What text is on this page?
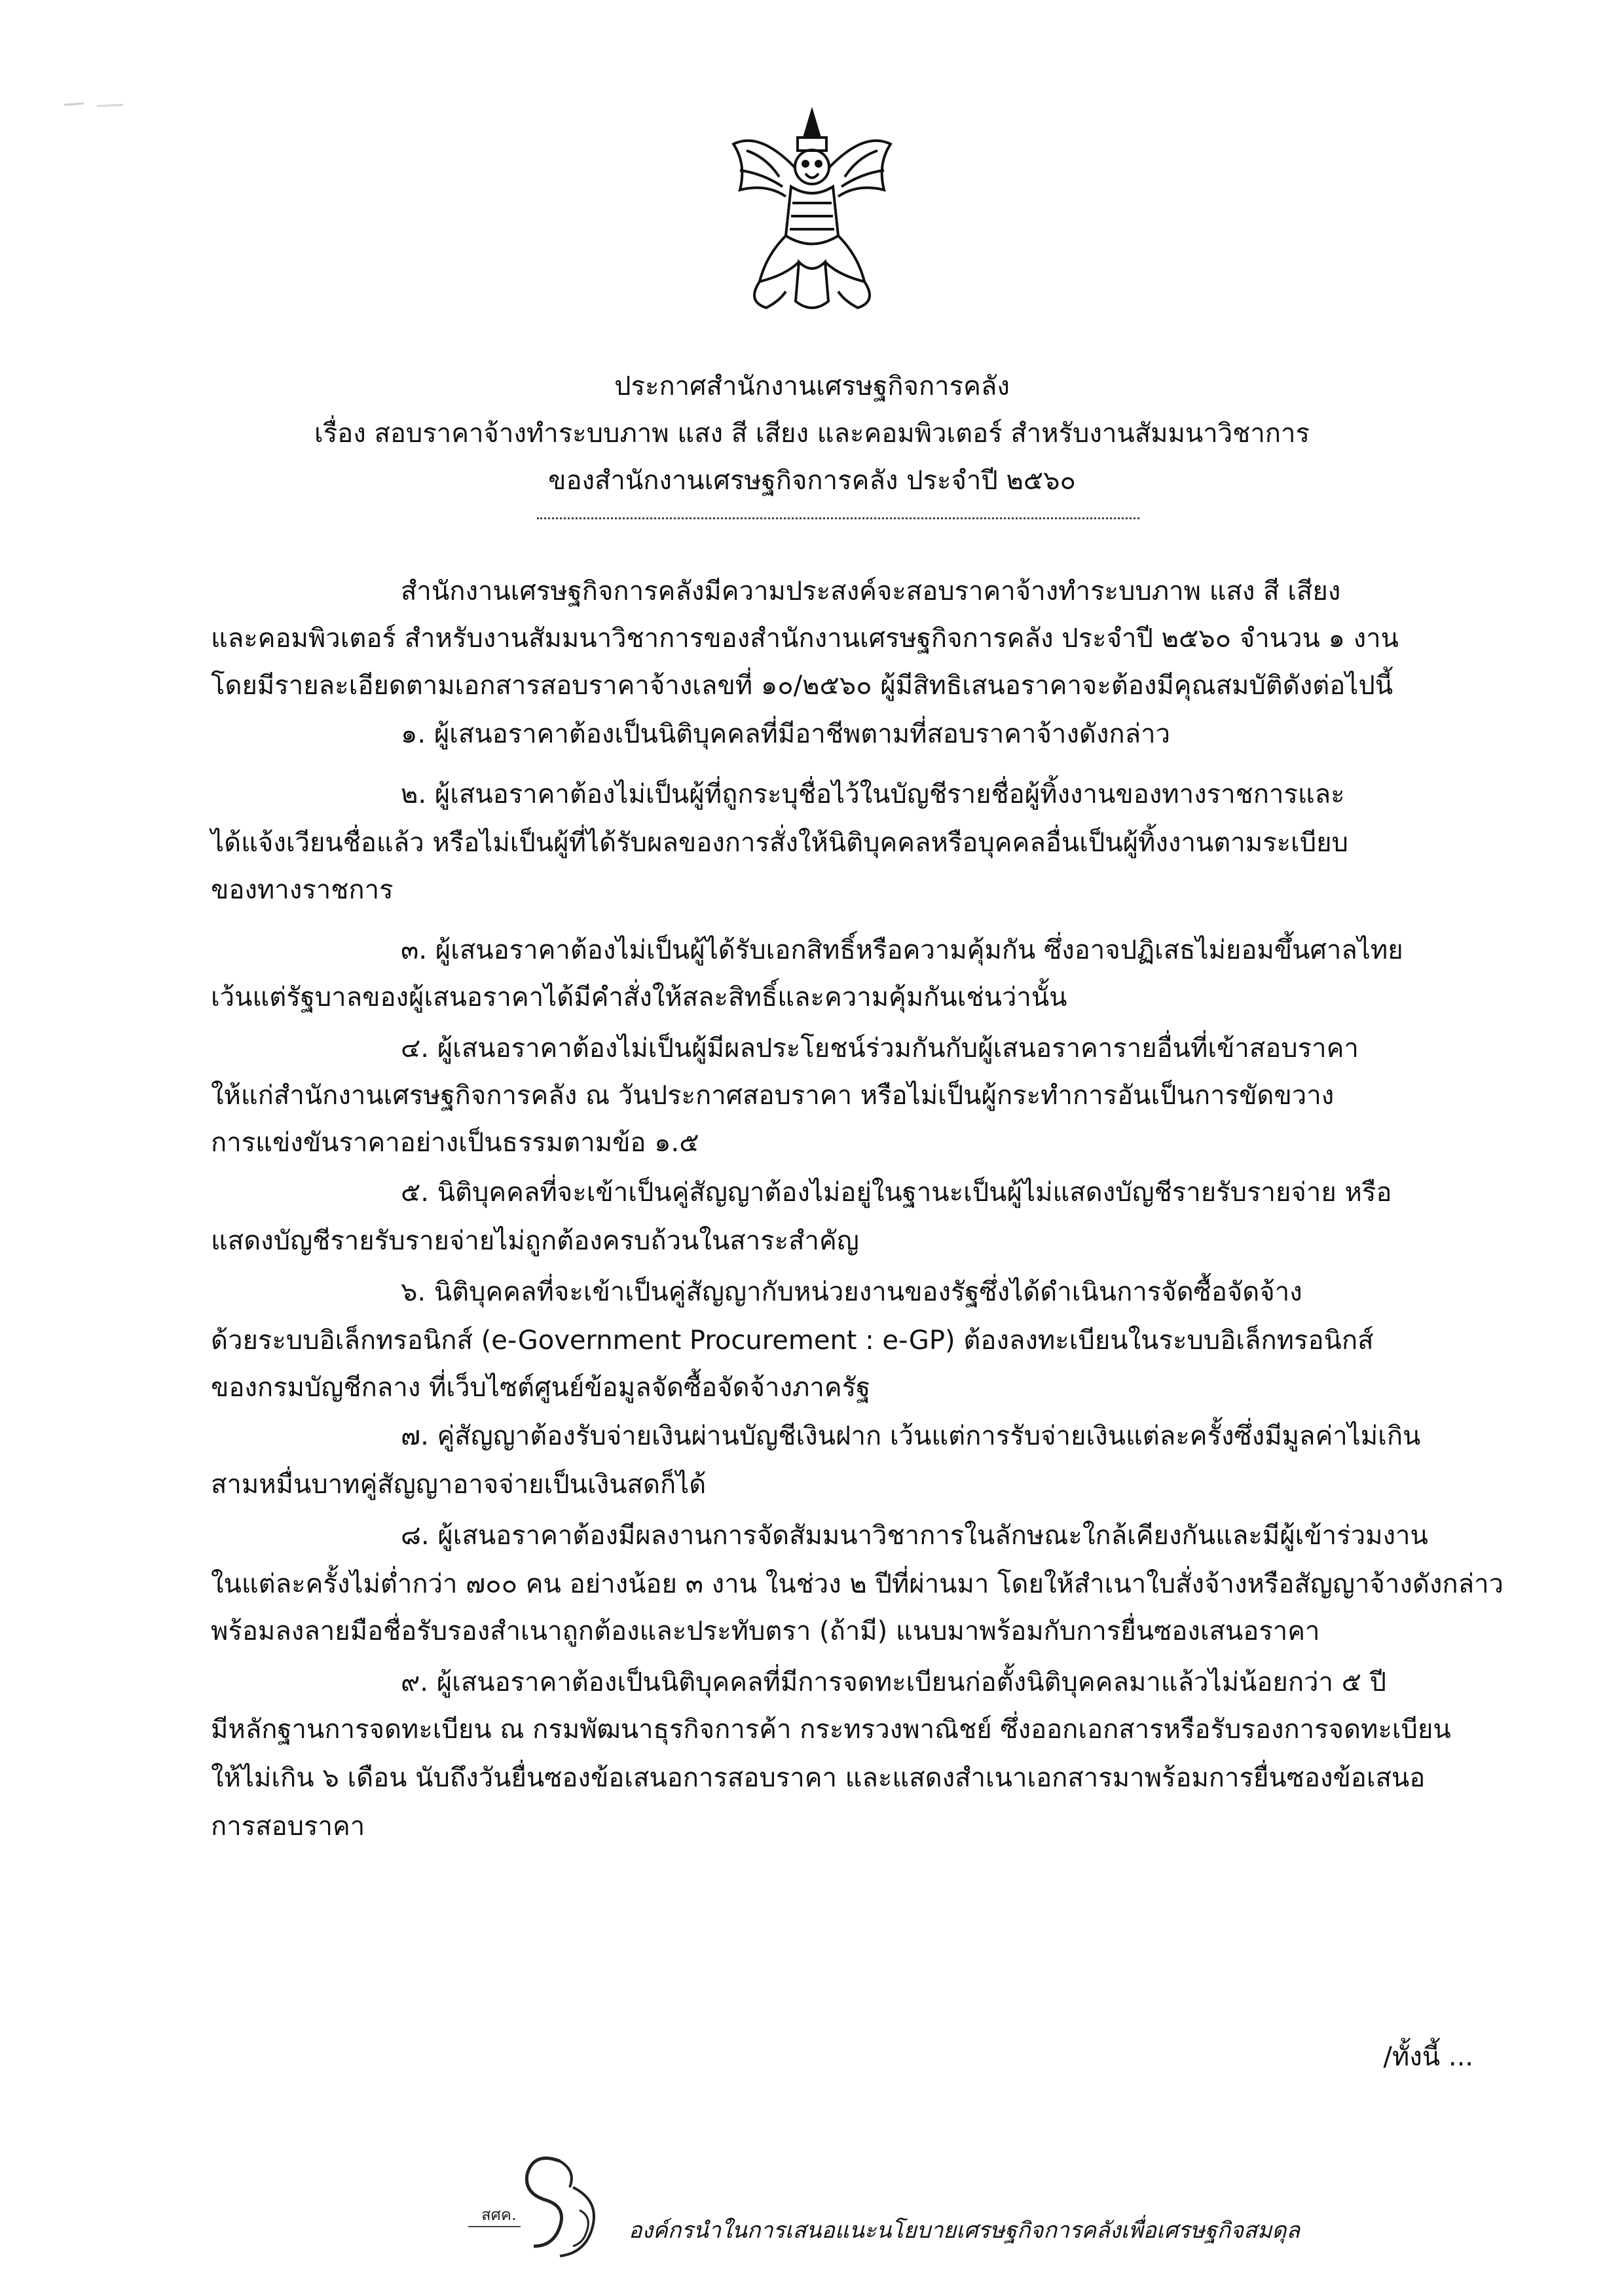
ประกาศสำนักงานเศรษฐกิจการคลัง
เรื่อง สอบราคาจ้างทำระบบภาพ แสง สี เสียง และคอมพิวเตอร์ สำหรับงานสัมมนาวิชาการ
ของสำนักงานเศรษฐกิจการคลัง ประจำปี ๒๕๖๐
สำนักงานเศรษฐกิจการคลังมีความประสงค์จะสอบราคาจ้างทำระบบภาพ แสง สี เสียง
และคอมพิวเตอร์ สำหรับงานสัมมนาวิชาการของสำนักงานเศรษฐกิจการคลัง ประจำปี ๒๕๖๐ จำนวน ๑ งาน
โดยมีรายละเอียดตามเอกสารสอบราคาจ้างเลขที่ ๑๐/๒๕๖๐ ผู้มีสิทธิเสนอราคาจะต้องมีคุณสมบัติดังต่อไปนี้
๑. ผู้เสนอราคาต้องเป็นนิติบุคคลที่มีอาชีพตามที่สอบราคาจ้างดังกล่าว
๒. ผู้เสนอราคาต้องไม่เป็นผู้ที่ถูกระบุชื่อไว้ในบัญชีรายชื่อผู้ทิ้งงานของทางราชการและ
ได้แจ้งเวียนชื่อแล้ว หรือไม่เป็นผู้ที่ได้รับผลของการสั่งให้นิติบุคคลหรือบุคคลอื่นเป็นผู้ทิ้งงานตามระเบียบ
ของทางราชการ
๓. ผู้เสนอราคาต้องไม่เป็นผู้ได้รับเอกสิทธิ์หรือความคุ้มกัน ซึ่งอาจปฏิเสธไม่ยอมขึ้นศาลไทย
เว้นแต่รัฐบาลของผู้เสนอราคาได้มีคำสั่งให้สละสิทธิ์และความคุ้มกันเช่นว่านั้น
๔. ผู้เสนอราคาต้องไม่เป็นผู้มีผลประโยชน์ร่วมกันกับผู้เสนอราคารายอื่นที่เข้าสอบราคา
ให้แก่สำนักงานเศรษฐกิจการคลัง ณ วันประกาศสอบราคา หรือไม่เป็นผู้กระทำการอันเป็นการขัดขวาง
การแข่งขันราคาอย่างเป็นธรรมตามข้อ ๑.๕
๕. นิติบุคคลที่จะเข้าเป็นคู่สัญญาต้องไม่อยู่ในฐานะเป็นผู้ไม่แสดงบัญชีรายรับรายจ่าย หรือ
แสดงบัญชีรายรับรายจ่ายไม่ถูกต้องครบถ้วนในสาระสำคัญ
๖. นิติบุคคลที่จะเข้าเป็นคู่สัญญากับหน่วยงานของรัฐซึ่งได้ดำเนินการจัดซื้อจัดจ้าง
ด้วยระบบอิเล็กทรอนิกส์ (e-Government Procurement : e-GP) ต้องลงทะเบียนในระบบอิเล็กทรอนิกส์
ของกรมบัญชีกลาง ที่เว็บไซต์ศูนย์ข้อมูลจัดซื้อจัดจ้างภาครัฐ
๗. คู่สัญญาต้องรับจ่ายเงินผ่านบัญชีเงินฝาก เว้นแต่การรับจ่ายเงินแต่ละครั้งซึ่งมีมูลค่าไม่เกิน
สามหมื่นบาทคู่สัญญาอาจจ่ายเป็นเงินสดก็ได้
๘. ผู้เสนอราคาต้องมีผลงานการจัดสัมมนาวิชาการในลักษณะใกล้เคียงกันและมีผู้เข้าร่วมงาน
ในแต่ละครั้งไม่ต่ำกว่า ๗๐๐ คน อย่างน้อย ๓ งาน ในช่วง ๒ ปีที่ผ่านมา โดยให้สำเนาใบสั่งจ้างหรือสัญญาจ้างดังกล่าว
พร้อมลงลายมือชื่อรับรองสำเนาถูกต้องและประทับตรา (ถ้ามี) แนบมาพร้อมกับการยื่นซองเสนอราคา
๙. ผู้เสนอราคาต้องเป็นนิติบุคคลที่มีการจดทะเบียนก่อตั้งนิติบุคคลมาแล้วไม่น้อยกว่า ๕ ปี
มีหลักฐานการจดทะเบียน ณ กรมพัฒนาธุรกิจการค้า กระทรวงพาณิชย์ ซึ่งออกเอกสารหรือรับรองการจดทะเบียน
ให้ไม่เกิน ๖ เดือน นับถึงวันยื่นซองข้อเสนอการสอบราคา และแสดงสำเนาเอกสารมาพร้อมการยื่นซองข้อเสนอ
การสอบราคา
/ทั้งนี้ ...
สศค.
องค์กรนำในการเสนอแนะนโยบายเศรษฐกิจการคลังเพื่อเศรษฐกิจสมดุล
